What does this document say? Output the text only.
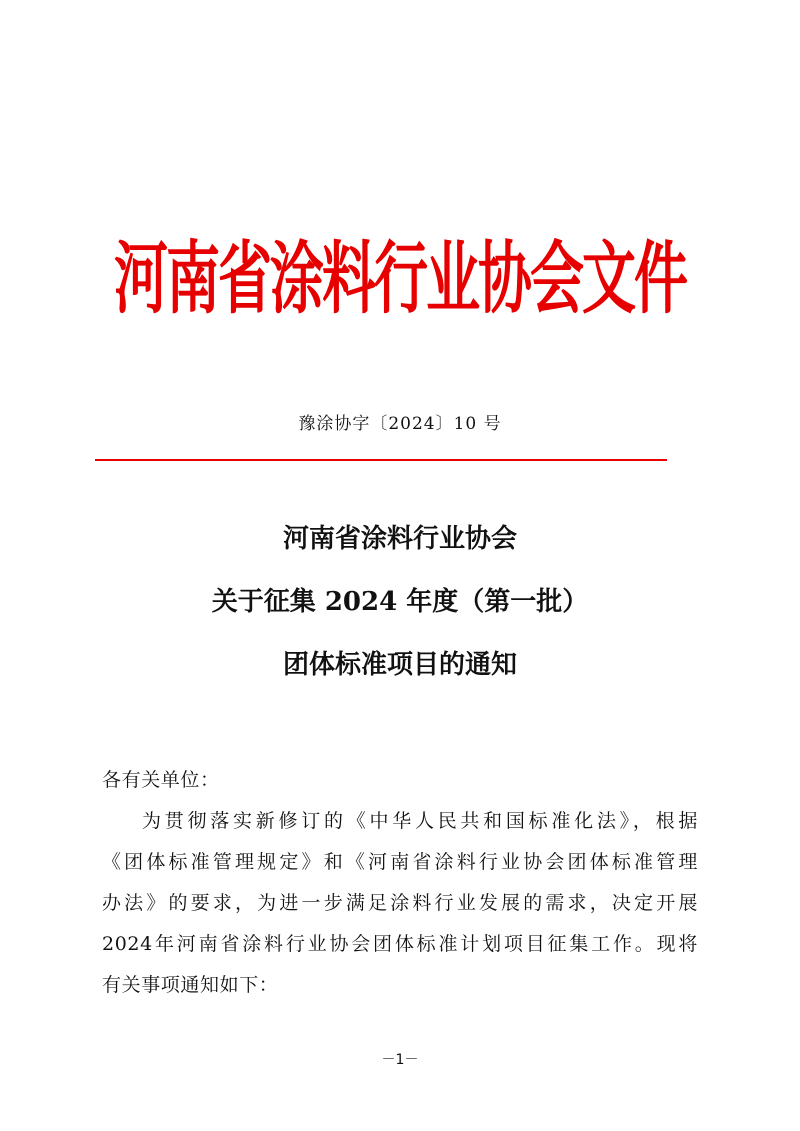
河南省涂料行业协会文件
豫涂协字〔2024〕10 号
河南省涂料行业协会
关于征集 2024 年度（第一批）
团体标准项目的通知
各有关单位：
为贯彻落实新修订的《中华人民共和国标准化法》，根据
《团体标准管理规定》和《河南省涂料行业协会团体标准管理
办法》的要求，为进一步满足涂料行业发展的需求，决定开展
2024年河南省涂料行业协会团体标准计划项目征集工作。现将
有关事项通知如下：
－1－
